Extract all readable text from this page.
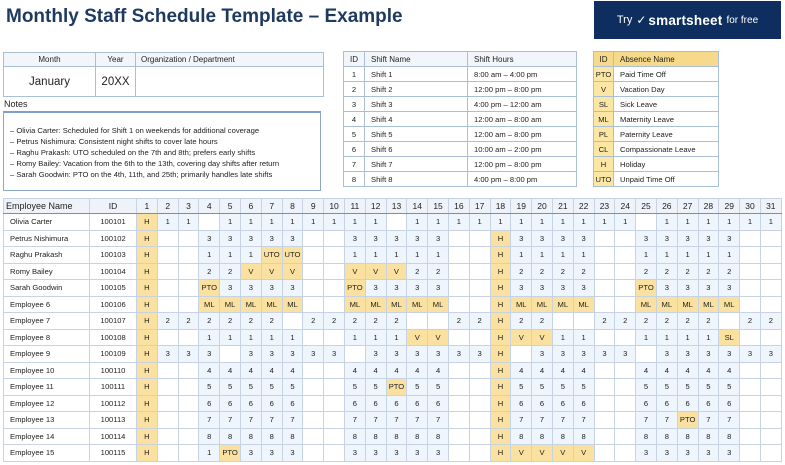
Monthly Staff Schedule Template – Example	Try ✓ smartsheet for free
Month	Year	Organization / Department
January	20XX	
Notes
– Olivia Carter: Scheduled for Shift 1 on weekends for additional coverage
– Petrus Nishimura: Consistent night shifts to cover late hours
– Raghu Prakash: UTO scheduled on the 7th and 8th; prefers early shifts
– Romy Bailey: Vacation from the 6th to the 13th, covering day shifts after return
– Sarah Goodwin: PTO on the 4th, 11th, and 25th; primarily handles late shifts
ID	Shift Name	Shift Hours
1	Shift 1	8:00 am – 4:00 pm
2	Shift 2	12:00 pm – 8:00 pm
3	Shift 3	4:00 pm – 12:00 am
4	Shift 4	12:00 am – 8:00 am
5	Shift 5	12:00 am – 8:00 pm
6	Shift 6	10:00 am – 2:00 pm
7	Shift 7	12:00 pm – 8:00 pm
8	Shift 8	4:00 pm – 8:00 pm
ID	Absence Name
PTO	Paid Time Off
V	Vacation Day
SL	Sick Leave
ML	Maternity Leave
PL	Paternity Leave
CL	Compassionate Leave
H	Holiday
UTO	Unpaid Time Off
Employee Name	ID	1	2	3	4	5	6	7	8	9	10	11	12	13	14	15	16	17	18	19	20	21	22	23	24	25	26	27	28	29	30	31
Olivia Carter	100101	H	1	1		1	1	1	1	1	1	1	1		1	1	1	1	1	1	1	1	1	1	1		1	1	1	1	1	1
Petrus Nishimura	100102	H			3	3	3	3	3			3	3	3	3	3			H	3	3	3	3			3	3	3	3	3		
Raghu Prakash	100103	H			1	1	1	UTO	UTO			1	1	1	1	1			H	1	1	1	1			1	1	1	1	1		
Romy Bailey	100104	H			2	2	V	V	V			V	V	V	2	2			H	2	2	2	2			2	2	2	2	2		
Sarah Goodwin	100105	H			PTO	3	3	3	3			PTO	3	3	3	3			H	3	3	3	3			PTO	3	3	3	3		
Employee 6	100106	H			ML	ML	ML	ML	ML			ML	ML	ML	ML	ML			H	ML	ML	ML	ML			ML	ML	ML	ML	ML		
Employee 7	100107	H	2	2	2	2	2	2		2	2	2	2	2			2	2	H	2	2			2	2	2	2	2	2		2	2
Employee 8	100108	H			1	1	1	1	1			1	1	1	V	V			H	V	V	1	1			1	1	1	1	SL		
Employee 9	100109	H	3	3	3		3	3	3	3	3		3	3	3	3	3	3	H		3	3	3	3	3		3	3	3	3	3	3
Employee 10	100110	H			4	4	4	4	4			4	4	4	4	4			H	4	4	4	4			4	4	4	4	4		
Employee 11	100111	H			5	5	5	5	5			5	5	PTO	5	5			H	5	5	5	5			5	5	5	5	5		
Employee 12	100112	H			6	6	6	6	6			6	6	6	6	6			H	6	6	6	6			6	6	6	6	6		
Employee 13	100113	H			7	7	7	7	7			7	7	7	7	7			H	7	7	7	7			7	7	PTO	7	7		
Employee 14	100114	H			8	8	8	8	8			8	8	8	8	8			H	8	8	8	8			8	8	8	8	8		
Employee 15	100115	H			1	PTO	3	3	3			3	3	3	3	3			H	V	V	V	V			3	3	3	3	3		
